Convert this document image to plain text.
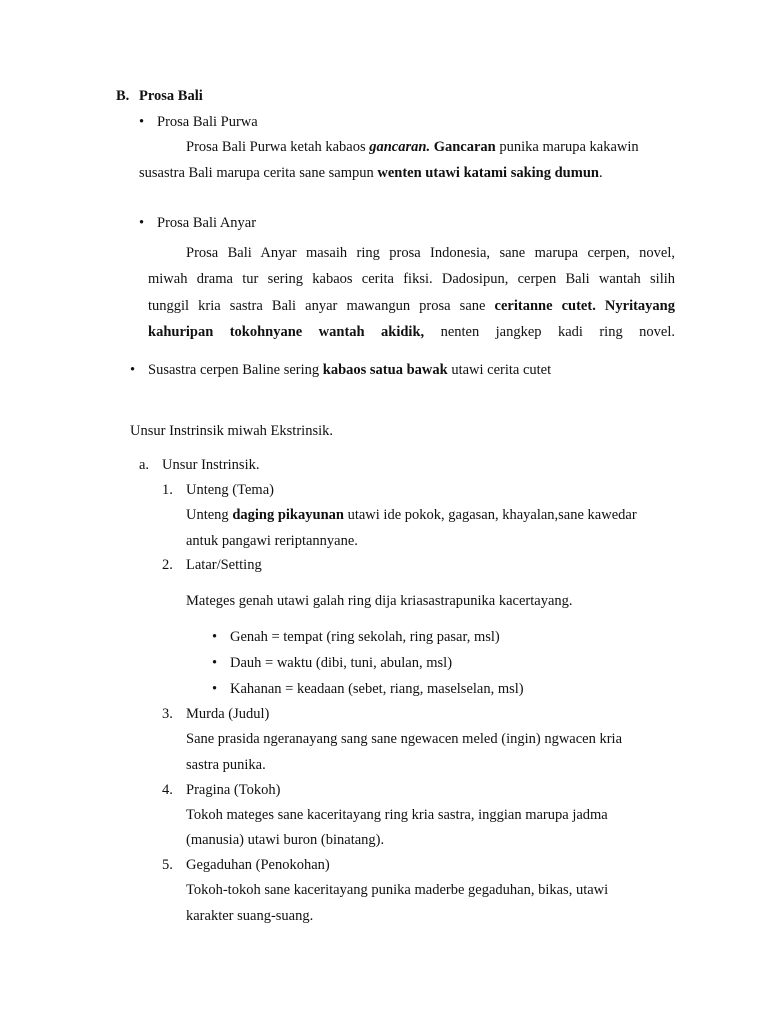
B. Prosa Bali
• Prosa Bali Purwa
Prosa Bali Purwa ketah kabaos gancaran. Gancaran punika marupa kakawin
susastra Bali marupa cerita sane sampun wenten utawi katami saking dumun.
• Prosa Bali Anyar
Prosa Bali Anyar masaih ring prosa Indonesia, sane marupa cerpen, novel,
miwah drama tur sering kabaos cerita fiksi. Dadosipun, cerpen Bali wantah silih
tunggil kria sastra Bali anyar mawangun prosa sane ceritanne cutet. Nyritayang
kahuripan tokohnyane wantah akidik, nenten jangkep kadi ring novel.
• Susastra cerpen Baline sering kabaos satua bawak utawi cerita cutet
Unsur Instrinsik miwah Ekstrinsik.
a. Unsur Instrinsik.
1. Unteng (Tema)
Unteng daging pikayunan utawi ide pokok, gagasan, khayalan,sane kawedar
antuk pangawi reriptannyane.
2. Latar/Setting
Mateges genah utawi galah ring dija kriasastrapunika kacertayang.
• Genah = tempat (ring sekolah, ring pasar, msl)
• Dauh = waktu (dibi, tuni, abulan, msl)
• Kahanan = keadaan (sebet, riang, maselselan, msl)
3. Murda (Judul)
Sane prasida ngeranayang sang sane ngewacen meled (ingin) ngwacen kria
sastra punika.
4. Pragina (Tokoh)
Tokoh mateges sane kaceritayang ring kria sastra, inggian marupa jadma
(manusia) utawi buron (binatang).
5. Gegaduhan (Penokohan)
Tokoh-tokoh sane kaceritayang punika maderbe gegaduhan, bikas, utawi
karakter suang-suang.
